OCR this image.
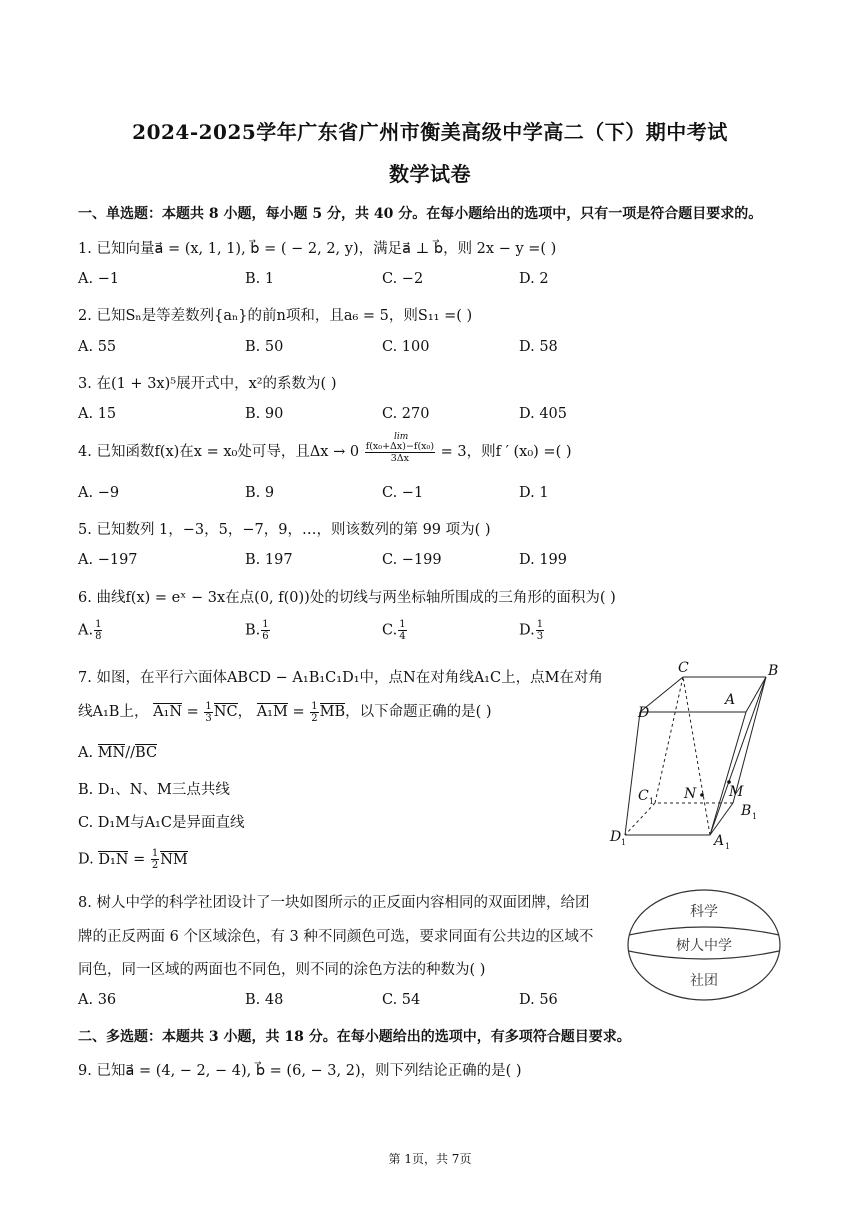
2024-2025学年广东省广州市衡美高级中学高二（下）期中考试
数学试卷
一、单选题：本题共 8 小题，每小题 5 分，共 40 分。在每小题给出的选项中，只有一项是符合题目要求的。
1. 已知向量a⃗ = (x, 1, 1), b⃗ = ( − 2, 2, y)，满足a⃗ ⊥ b⃗，则 2x − y =( )
A. −1	B. 1	C. −2	D. 2
2. 已知Sₙ是等差数列{aₙ}的前n项和，且a₆ = 5，则S₁₁ =( )
A. 55	B. 50	C. 100	D. 58
3. 在(1 + 3x)⁵展开式中，x²的系数为( )
A. 15	B. 90	C. 270	D. 405
4. 已知函数f(x)在x = x₀处可导，且Δx → 0
lim
$\frac{\text{f(x₀+Δx)−f(x₀)}}{3\Delta x} = 3$，则f ′ (x₀) =( )
A. −9	B. 9	C. −1	D. 1
5. 已知数列 1，−3，5，−7，9，…，则该数列的第 99 项为( )
A. −197	B. 197	C. −199	D. 199
6. 曲线f(x) = eˣ − 3x在点(0, f(0))处的切线与两坐标轴所围成的三角形的面积为( )
A. $\frac{1}{8}$	B. $\frac{1}{6}$	C. $\frac{1}{4}$	D. $\frac{1}{3}$
7. 如图，在平行六面体ABCD − A₁B₁C₁D₁中，点N在对角线A₁C上，点M在对角
线A₁B上， $A_1N = \frac{1}{3}$ NC， $A_1M = \frac{1}{2}$ MB，以下命题正确的是( )
A. MN//BC
B. D₁、N、M三点共线
C. D₁M与A₁C是异面直线
D. $D_1N = \frac{1}{2}$ NM
C	B
D
A
N M
C
B
D	A
1
1
1	1
8. 树人中学的科学社团设计了一块如图所示的正反面内容相同的双面团牌，给团
牌的正反两面 6 个区域涂色，有 3 种不同颜色可选，要求同面有公共边的区域不
同色，同一区域的两面也不同色，则不同的涂色方法的种数为( )
A. 36	B. 48	C. 54	D. 56
科学
树人中学
社团
二、多选题：本题共 3 小题，共 18 分。在每小题给出的选项中，有多项符合题目要求。
9. 已知a⃗ = (4, − 2, − 4), b⃗ = (6, − 3, 2)，则下列结论正确的是( )
第 1页，共 7页
